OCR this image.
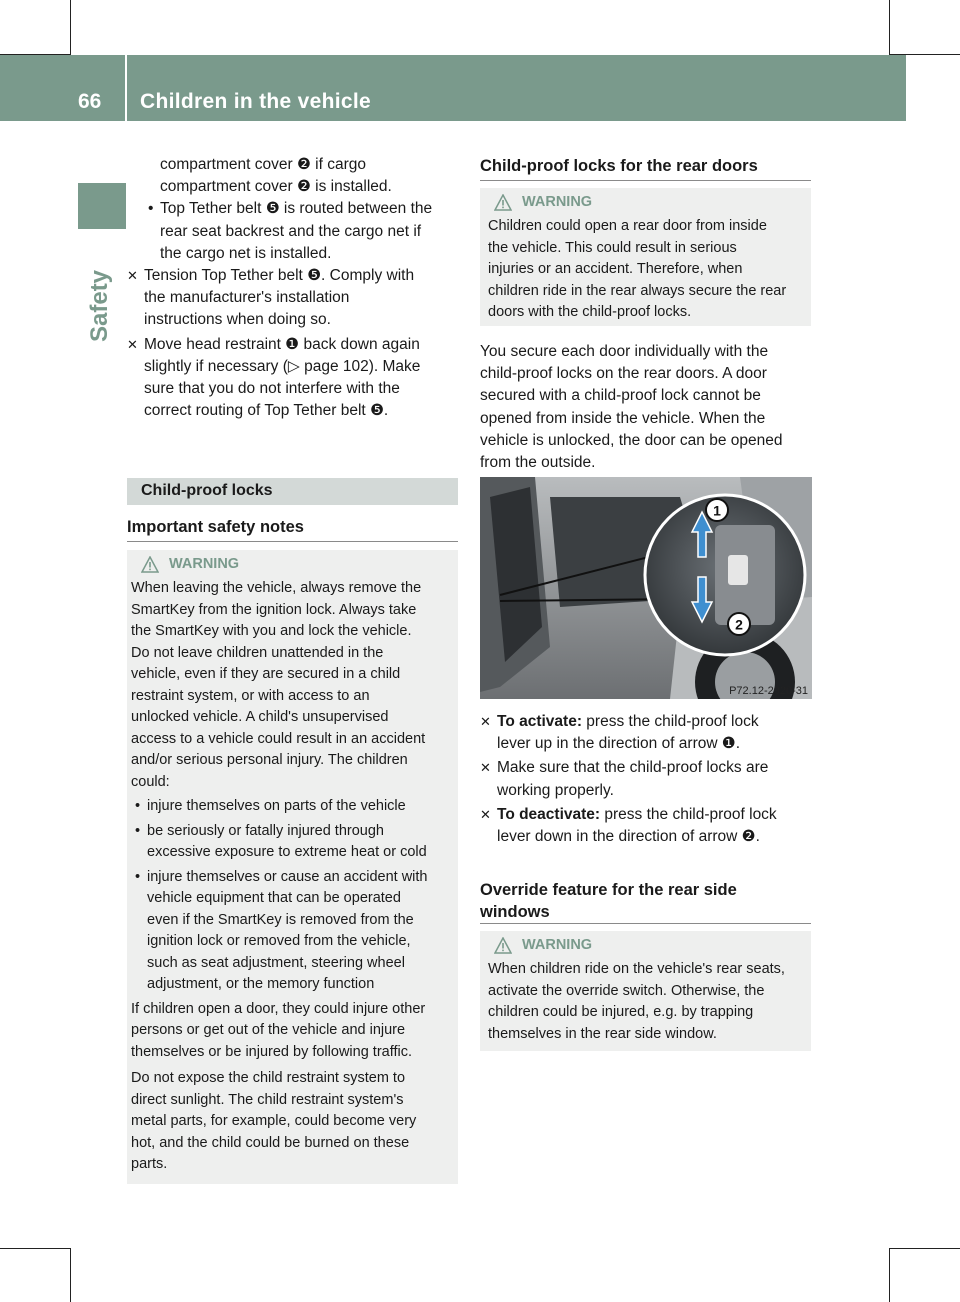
66 Children in the vehicle
Safety

compartment cover ❷ if cargo
compartment cover ❷ is installed.

• Top Tether belt ❺ is routed between the
rear seat backrest and the cargo net if
the cargo net is installed.
✕ Tension Top Tether belt ❺. Comply with
the manufacturer's installation
instructions when doing so.
✕ Move head restraint ❶ back down again
slightly if necessary (▷ page 102). Make
sure that you do not interfere with the
correct routing of Top Tether belt ❺.
Child-proof locks
Important safety notes
WARNING

When leaving the vehicle, always remove the
SmartKey from the ignition lock. Always take
the SmartKey with you and lock the vehicle.
Do not leave children unattended in the
vehicle, even if they are secured in a child
restraint system, or with access to an
unlocked vehicle. A child's unsupervised
access to a vehicle could result in an accident
and/or serious personal injury. The children
could:

• injure themselves on parts of the vehicle
• be seriously or fatally injured through
excessive exposure to extreme heat or cold
• injure themselves or cause an accident with
vehicle equipment that can be operated
even if the SmartKey is removed from the
ignition lock or removed from the vehicle,
such as seat adjustment, steering wheel
adjustment, or the memory function

If children open a door, they could injure other
persons or get out of the vehicle and injure
themselves or be injured by following traffic.

Do not expose the child restraint system to
direct sunlight. The child restraint system's
metal parts, for example, could become very
hot, and the child could be burned on these
parts.

Child-proof locks for the rear doors
WARNING

Children could open a rear door from inside
the vehicle. This could result in serious
injuries or an accident. Therefore, when
children ride in the rear always secure the rear
doors with the child-proof locks.

You secure each door individually with the
child-proof locks on the rear doors. A door
secured with a child-proof lock cannot be
opened from inside the vehicle. When the
vehicle is unlocked, the door can be opened
from the outside.

1
2
P72.12-2920-31
✕ To activate: press the child-proof lock
lever up in the direction of arrow ❶.
✕ Make sure that the child-proof locks are
working properly.
✕ To deactivate: press the child-proof lock
lever down in the direction of arrow ❷.
Override feature for the rear side
windows
WARNING

When children ride on the vehicle's rear seats,
activate the override switch. Otherwise, the
children could be injured, e.g. by trapping
themselves in the rear side window.
